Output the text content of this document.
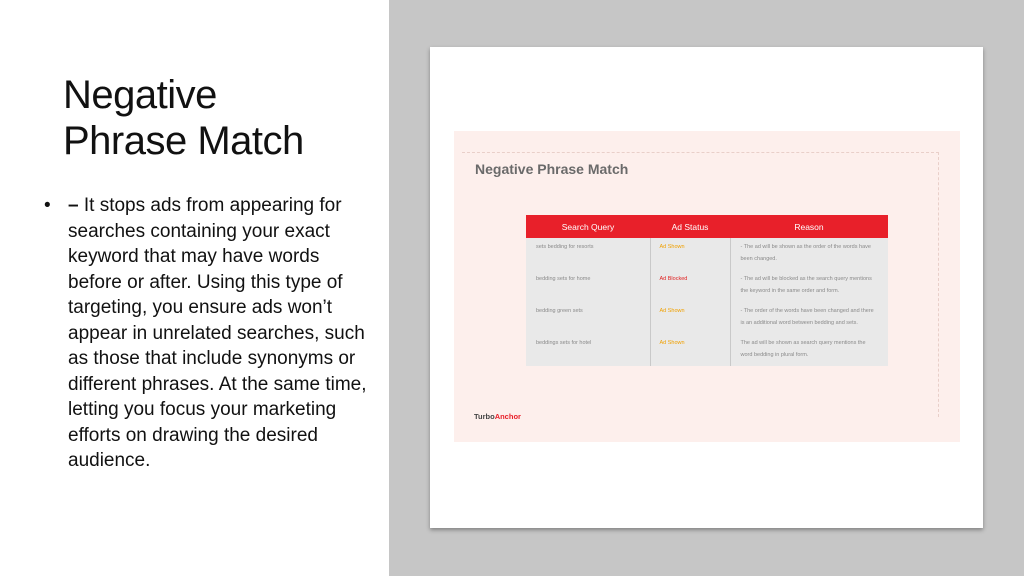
Negative
Phrase Match
• – It stops ads from appearing for searches containing your exact keyword that may have words before or after. Using this type of targeting, you ensure ads won’t appear in unrelated searches, such as those that include synonyms or different phrases. At the same time, letting you focus your marketing efforts on drawing the desired audience.
Negative Phrase Match
Search Query	Ad Status	Reason
sets bedding for resorts	Ad Shown	- The ad will be shown as the order of the words have been changed.
bedding sets for home	Ad Blocked	- The ad will be blocked as the search query mentions the keyword in the same order and form.
bedding green sets	Ad Shown	- The order of the words have been changed and there is an additional word between bedding and sets.
beddings sets for hotel	Ad Shown	The ad will be shown as search query mentions the word bedding in plural form.
TurboAnchor
